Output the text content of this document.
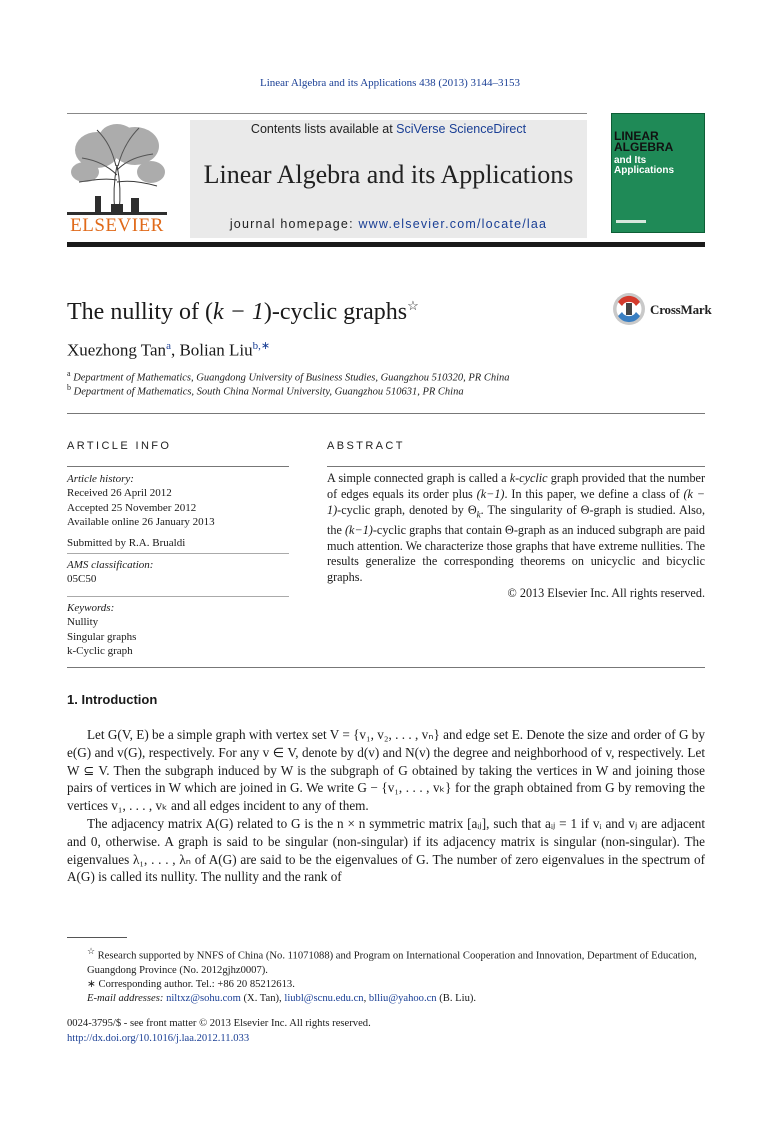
Linear Algebra and its Applications 438 (2013) 3144–3153
ELSEVIER
Contents lists available at SciVerse ScienceDirect
Linear Algebra and its Applications
journal homepage: www.elsevier.com/locate/laa
LINEAR ALGEBRA
and Its Applications
The nullity of (k − 1)-cyclic graphs☆	CrossMark
Xuezhong Tan$^a$, Bolian Liu$^{b,∗}$
$^a$ Department of Mathematics, Guangdong University of Business Studies, Guangzhou 510320, PR China
$^b$ Department of Mathematics, South China Normal University, Guangzhou 510631, PR China
ARTICLE INFO
Article history:
Received 26 April 2012
Accepted 25 November 2012
Available online 26 January 2013
Submitted by R.A. Brualdi
AMS classification:
05C50
Keywords:
Nullity
Singular graphs
k-Cyclic graph
ABSTRACT
A simple connected graph is called a k-cyclic graph provided that the number of edges equals its order plus (k−1). In this paper, we define a class of (k − 1)-cyclic graph, denoted by $\Theta_k$. The singularity of Θ-graph is studied. Also, the (k−1)-cyclic graphs that contain Θ-graph as an induced subgraph are paid much attention. We characterize those graphs that have extreme nullities. The results generalize the corresponding theorems on unicyclic and bicyclic graphs.
© 2013 Elsevier Inc. All rights reserved.
1. Introduction

Let G(V, E) be a simple graph with vertex set V = {v₁, v₂, . . . , vₙ} and edge set E. Denote the size and order of G by e(G) and v(G), respectively. For any v ∈ V, denote by d(v) and N(v) the degree and neighborhood of v, respectively. Let W ⊆ V. Then the subgraph induced by W is the subgraph of G obtained by taking the vertices in W and joining those pairs of vertices in W which are joined in G. We write G − {v₁, . . . , vₖ} for the graph obtained from G by removing the vertices v₁, . . . , vₖ and all edges incident to any of them.

The adjacency matrix A(G) related to G is the n × n symmetric matrix [aᵢⱼ], such that aᵢⱼ = 1 if vᵢ and vⱼ are adjacent and 0, otherwise. A graph is said to be singular (non-singular) if its adjacency matrix is singular (non-singular). The eigenvalues λ₁, . . . , λₙ of A(G) are said to be the eigenvalues of G. The number of zero eigenvalues in the spectrum of A(G) is called its nullity. The nullity and the rank of

☆ Research supported by NNFS of China (No. 11071088) and Program on International Cooperation and Innovation, Department of Education, Guangdong Province (No. 2012gjhz0007).
∗ Corresponding author. Tel.: +86 20 85212613.
E-mail addresses: niltxz@sohu.com (X. Tan), liubl@scnu.edu.cn, blliu@yahoo.cn (B. Liu).
0024-3795/$ - see front matter © 2013 Elsevier Inc. All rights reserved.
http://dx.doi.org/10.1016/j.laa.2012.11.033
